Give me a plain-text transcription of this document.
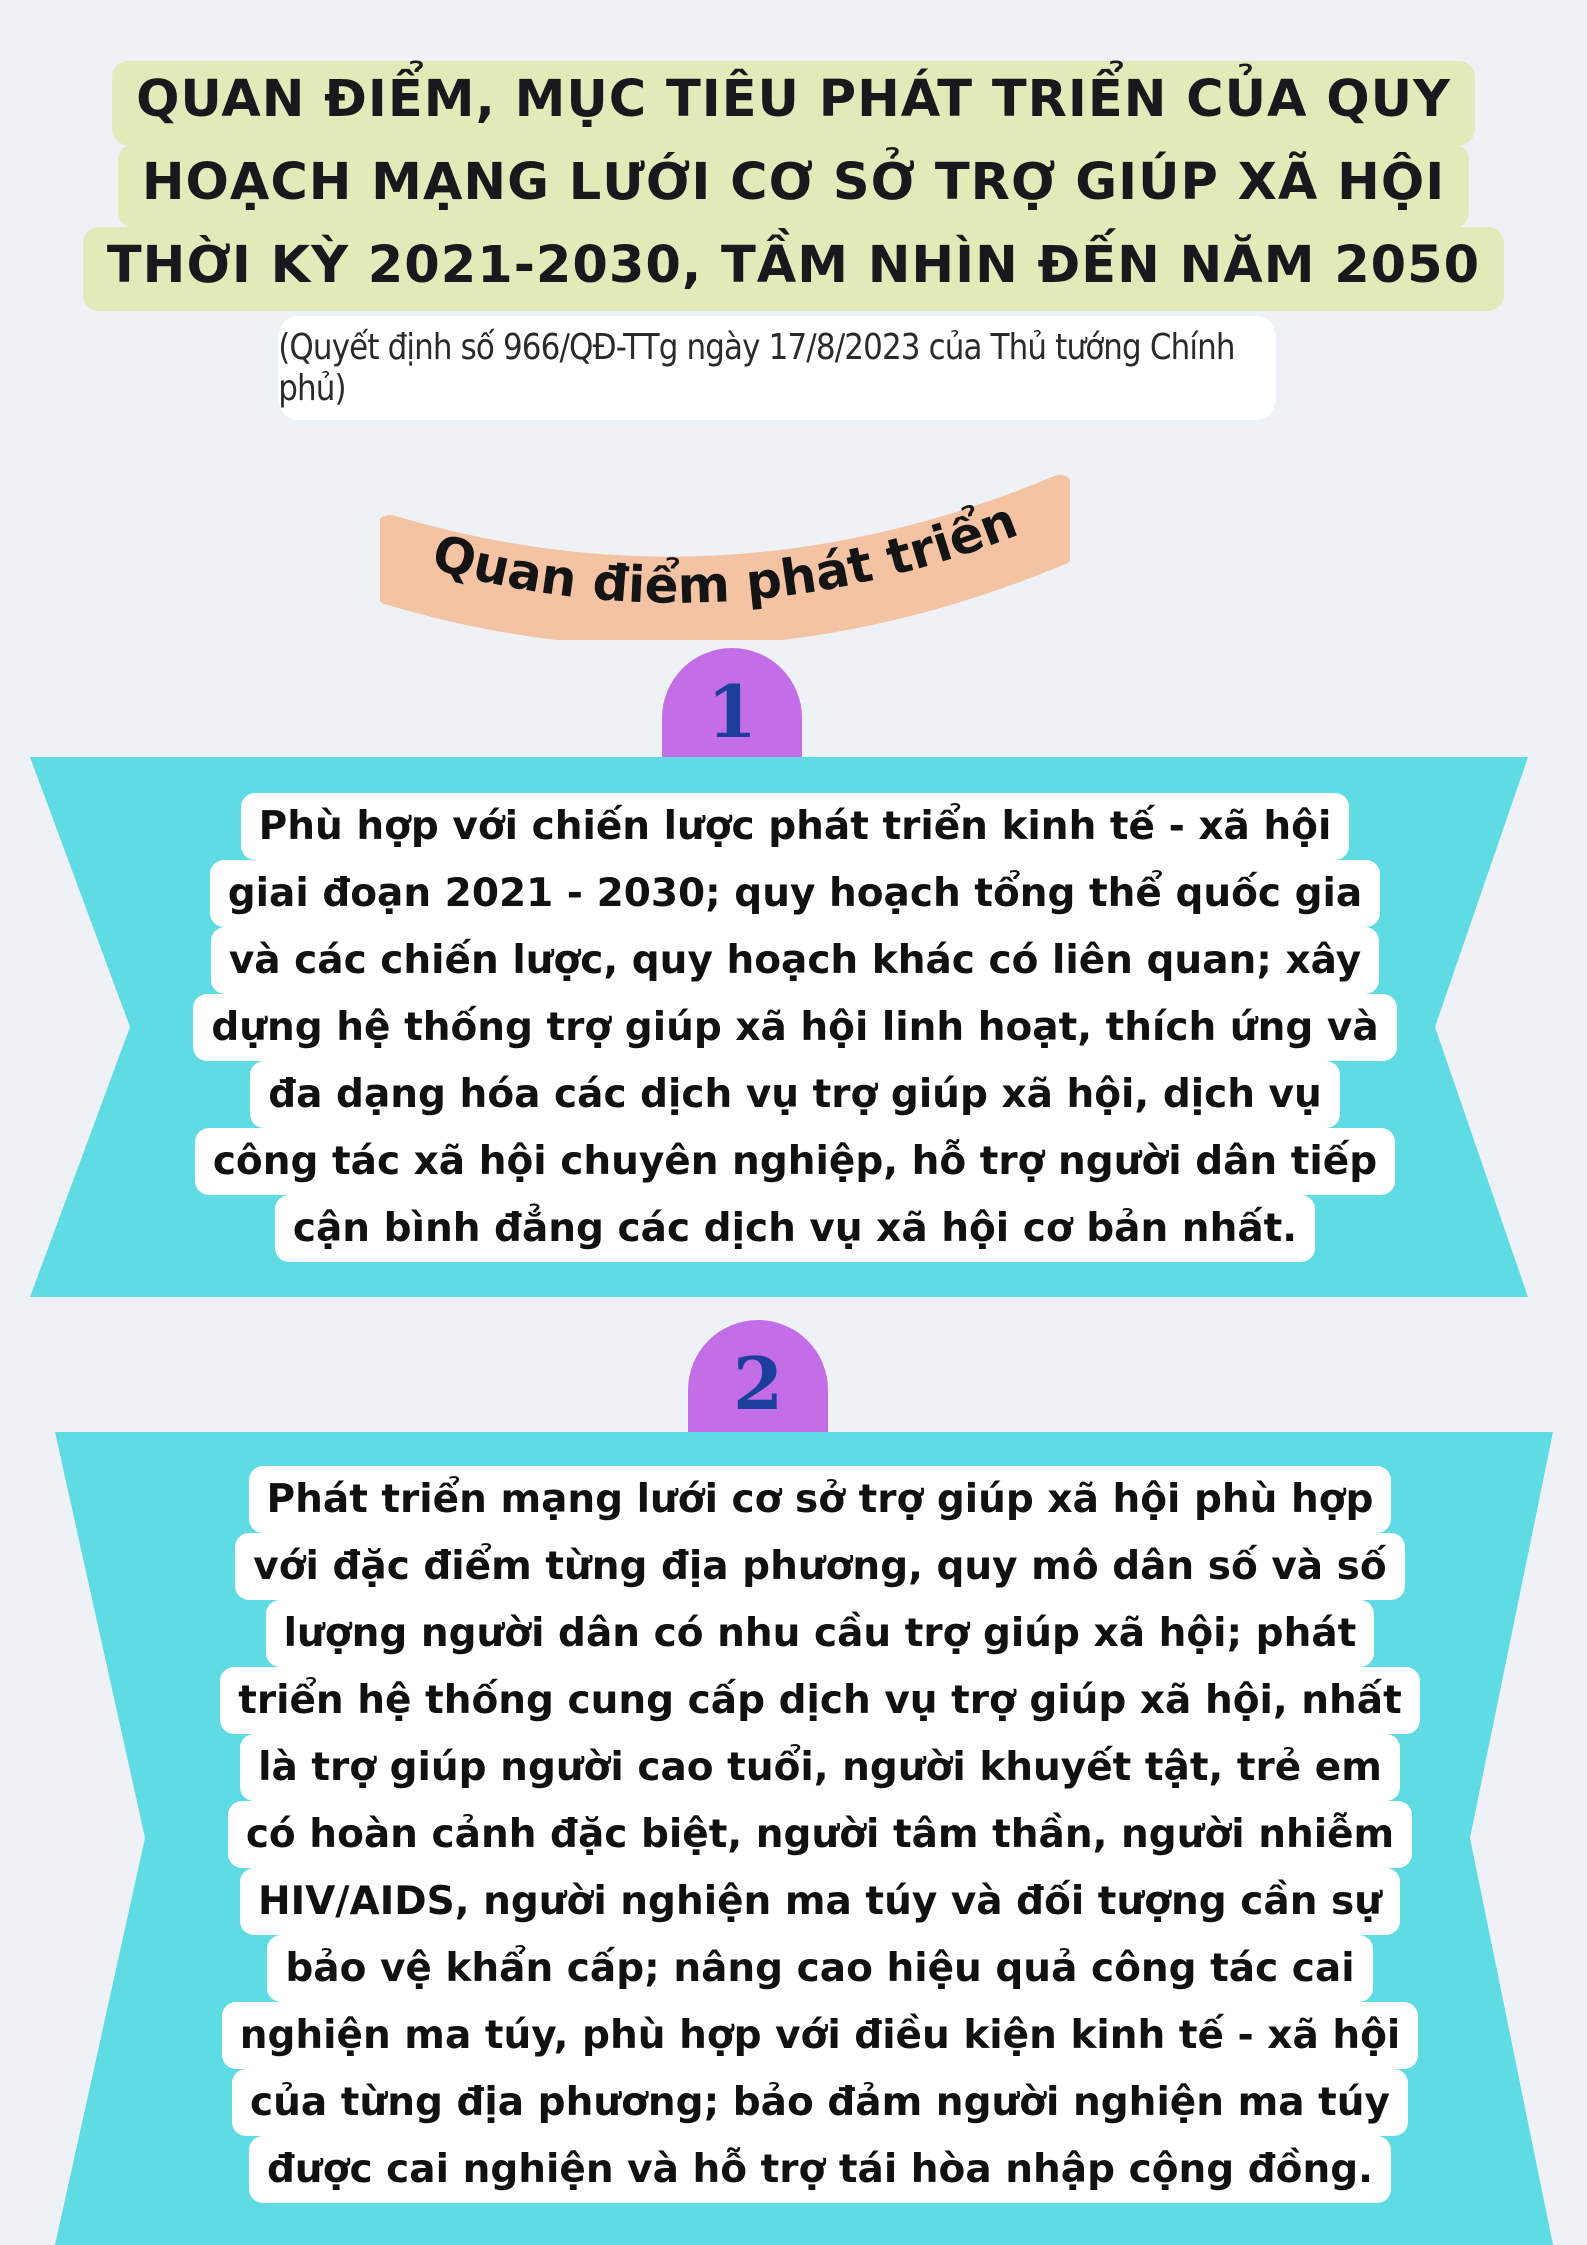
QUAN ĐIỂM, MỤC TIÊU PHÁT TRIỂN CỦA QUY
HOẠCH MẠNG LƯỚI CƠ SỞ TRỢ GIÚP XÃ HỘI
THỜI KỲ 2021-2030, TẦM NHÌN ĐẾN NĂM 2050
(Quyết định số 966/QĐ-TTg ngày 17/8/2023 của Thủ tướng Chính phủ)
Quan điểm phát triển
1
Phù hợp với chiến lược phát triển kinh tế - xã hội
giai đoạn 2021 - 2030; quy hoạch tổng thể quốc gia
và các chiến lược, quy hoạch khác có liên quan; xây
dựng hệ thống trợ giúp xã hội linh hoạt, thích ứng và
đa dạng hóa các dịch vụ trợ giúp xã hội, dịch vụ
công tác xã hội chuyên nghiệp, hỗ trợ người dân tiếp
cận bình đẳng các dịch vụ xã hội cơ bản nhất.
2
Phát triển mạng lưới cơ sở trợ giúp xã hội phù hợp
với đặc điểm từng địa phương, quy mô dân số và số
lượng người dân có nhu cầu trợ giúp xã hội; phát
triển hệ thống cung cấp dịch vụ trợ giúp xã hội, nhất
là trợ giúp người cao tuổi, người khuyết tật, trẻ em
có hoàn cảnh đặc biệt, người tâm thần, người nhiễm
HIV/AIDS, người nghiện ma túy và đối tượng cần sự
bảo vệ khẩn cấp; nâng cao hiệu quả công tác cai
nghiện ma túy, phù hợp với điều kiện kinh tế - xã hội
của từng địa phương; bảo đảm người nghiện ma túy
được cai nghiện và hỗ trợ tái hòa nhập cộng đồng.
